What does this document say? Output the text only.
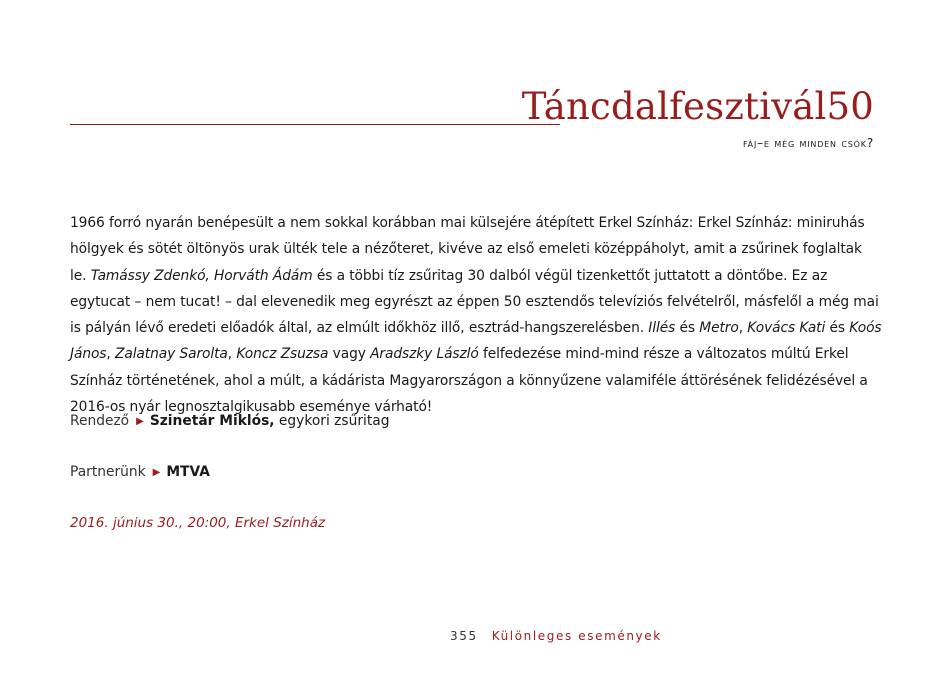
Táncdalfesztivál50
fáj–e még minden csók?

1966 forró nyarán benépesült a nem sokkal korábban mai külsejére átépített Erkel Színház: Erkel Színház: miniruhás hölgyek és sötét öltönyös urak ülték tele a nézőteret, kivéve az első emeleti középpáholyt, amit a zsűrinek foglaltak le. Tamássy Zdenkó, Horváth Ádám és a többi tíz zsűritag 30 dalból végül tizenkettőt juttatott a döntőbe. Ez az egytucat – nem tucat! – dal elevenedik meg egyrészt az éppen 50 esztendős televíziós felvételről, másfelől a még mai is pályán lévő eredeti előadók által, az elmúlt időkhöz illő, esztrád-hangszerelésben. Illés és Metro, Kovács Kati és Koós János, Zalatnay Sarolta, Koncz Zsuzsa vagy Aradszky László felfedezése mind-mind része a változatos múltú Erkel Színház történetének, ahol a múlt, a kádárista Magyarországon a könnyűzene valamiféle áttörésének felidézésével a 2016-os nyár legnosztalgikusabb eseménye várható!

Rendező ▶ Szinetár Miklós, egykori zsűritag
Partnerünk ▶ MTVA
2016. június 30., 20:00, Erkel Színház
355 Különleges események
